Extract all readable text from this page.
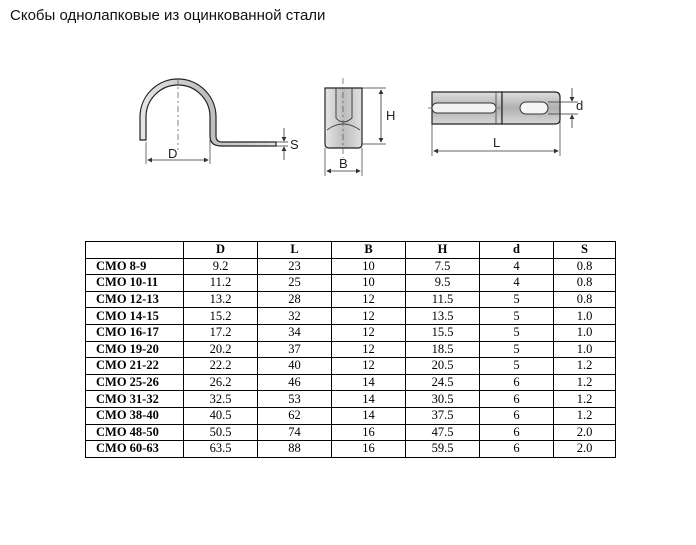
Скобы однолапковые из оцинкованной стали
D
S
H
B
d
L
	D	L	B	H	d	S
СМО 8-9	9.2	23	10	7.5	4	0.8
СМО 10-11	11.2	25	10	9.5	4	0.8
СМО 12-13	13.2	28	12	11.5	5	0.8
СМО 14-15	15.2	32	12	13.5	5	1.0
СМО 16-17	17.2	34	12	15.5	5	1.0
СМО 19-20	20.2	37	12	18.5	5	1.0
СМО 21-22	22.2	40	12	20.5	5	1.2
СМО 25-26	26.2	46	14	24.5	6	1.2
СМО 31-32	32.5	53	14	30.5	6	1.2
СМО 38-40	40.5	62	14	37.5	6	1.2
СМО 48-50	50.5	74	16	47.5	6	2.0
СМО 60-63	63.5	88	16	59.5	6	2.0
